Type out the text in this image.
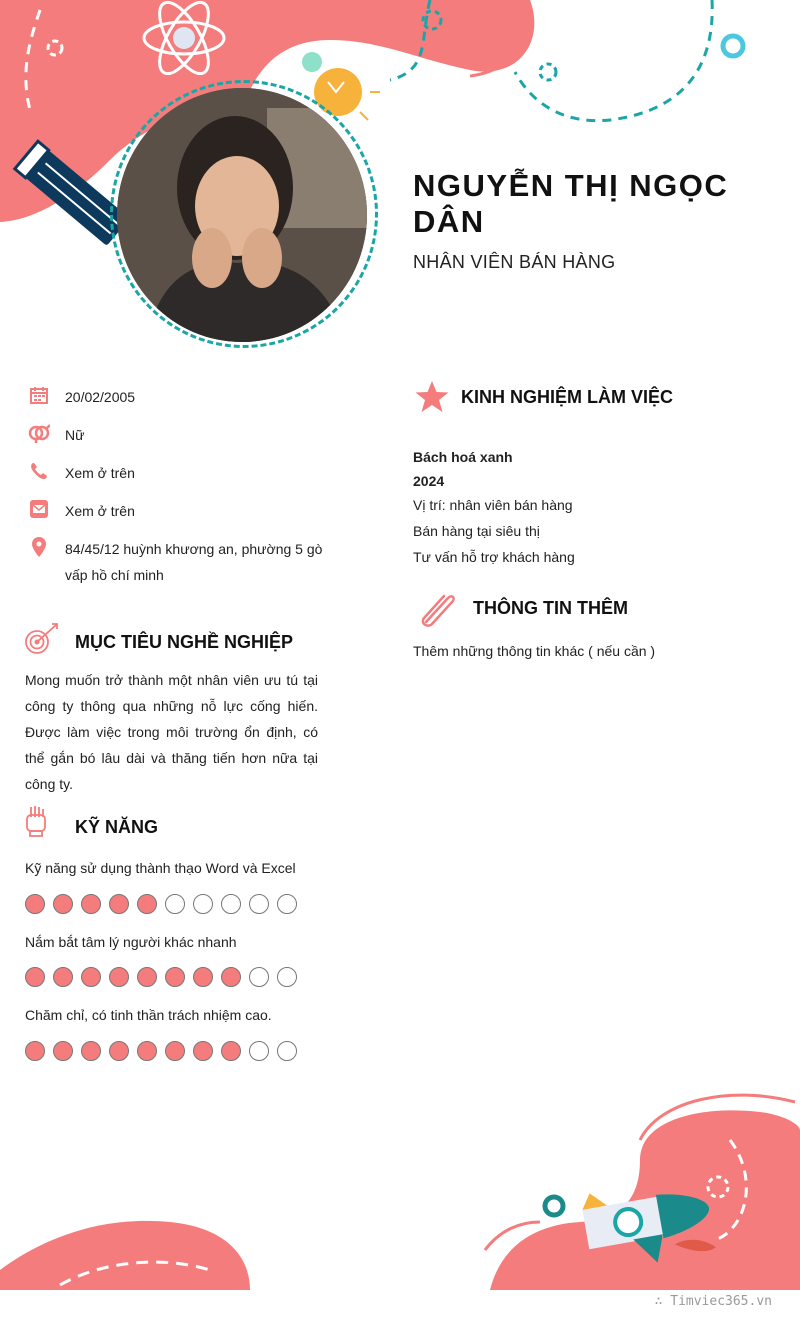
NGUYỄN THỊ NGỌC DÂN
NHÂN VIÊN BÁN HÀNG
20/02/2005
Nữ
Xem ở trên
Xem ở trên
84/45/12 huỳnh khương an, phường 5 gò vấp hồ chí minh
MỤC TIÊU NGHỀ NGHIỆP
Mong muốn trở thành một nhân viên ưu tú tại công ty thông qua những nỗ lực cống hiến. Được làm việc trong môi trường ổn định, có thể gắn bó lâu dài và thăng tiến hơn nữa tại công ty.
KỸ NĂNG
Kỹ năng sử dụng thành thạo Word và Excel
Nắm bắt tâm lý người khác nhanh
Chăm chỉ, có tinh thần trách nhiệm cao.
KINH NGHIỆM LÀM VIỆC
Bách hoá xanh
2024
Vị trí: nhân viên bán hàng
Bán hàng tại siêu thị
Tư vấn hỗ trợ khách hàng
THÔNG TIN THÊM
Thêm những thông tin khác ( nếu cần )
∴ Timviec365.vn
